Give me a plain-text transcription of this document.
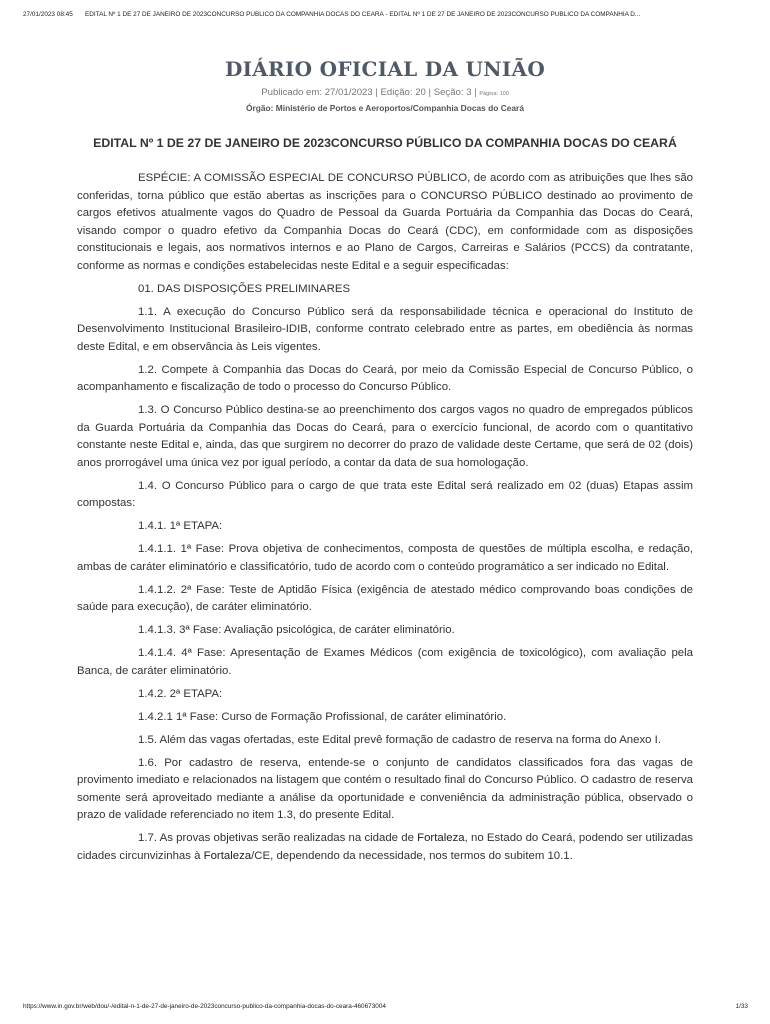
27/01/2023 08:45 EDITAL Nº 1 DE 27 DE JANEIRO DE 2023CONCURSO PÚBLICO DA COMPANHIA DOCAS DO CEARÁ - EDITAL Nº 1 DE 27 DE JANEIRO DE 2023CONCURSO PÚBLICO DA COMPANHIA D...
DIÁRIO OFICIAL DA UNIÃO
Publicado em: 27/01/2023 | Edição: 20 | Seção: 3 | Página: 100
Órgão: Ministério de Portos e Aeroportos/Companhia Docas do Ceará
EDITAL Nº 1 DE 27 DE JANEIRO DE 2023CONCURSO PÚBLICO DA COMPANHIA DOCAS DO CEARÁ

ESPÉCIE: A COMISSÃO ESPECIAL DE CONCURSO PÚBLICO, de acordo com as atribuições que lhes são conferidas, torna público que estão abertas as inscrições para o CONCURSO PÚBLICO destinado ao provimento de cargos efetivos atualmente vagos do Quadro de Pessoal da Guarda Portuária da Companhia das Docas do Ceará, visando compor o quadro efetivo da Companhia Docas do Ceará (CDC), em conformidade com as disposições constitucionais e legais, aos normativos internos e ao Plano de Cargos, Carreiras e Salários (PCCS) da contratante, conforme as normas e condições estabelecidas neste Edital e a seguir especificadas:

01. DAS DISPOSIÇÕES PRELIMINARES

1.1. A execução do Concurso Público será da responsabilidade técnica e operacional do Instituto de Desenvolvimento Institucional Brasileiro-IDIB, conforme contrato celebrado entre as partes, em obediência às normas deste Edital, e em observância às Leis vigentes.

1.2. Compete à Companhia das Docas do Ceará, por meio da Comissão Especial de Concurso Público, o acompanhamento e fiscalização de todo o processo do Concurso Público.

1.3. O Concurso Público destina-se ao preenchimento dos cargos vagos no quadro de empregados públicos da Guarda Portuária da Companhia das Docas do Ceará, para o exercício funcional, de acordo com o quantitativo constante neste Edital e, ainda, das que surgirem no decorrer do prazo de validade deste Certame, que será de 02 (dois) anos prorrogável uma única vez por igual período, a contar da data de sua homologação.

1.4. O Concurso Público para o cargo de que trata este Edital será realizado em 02 (duas) Etapas assim compostas:

1.4.1. 1ª ETAPA:

1.4.1.1. 1ª Fase: Prova objetiva de conhecimentos, composta de questões de múltipla escolha, e redação, ambas de caráter eliminatório e classificatório, tudo de acordo com o conteúdo programático a ser indicado no Edital.

1.4.1.2. 2ª Fase: Teste de Aptidão Física (exigência de atestado médico comprovando boas condições de saúde para execução), de caráter eliminatório.

1.4.1.3. 3ª Fase: Avaliação psicológica, de caráter eliminatório.

1.4.1.4. 4ª Fase: Apresentação de Exames Médicos (com exigência de toxicológico), com avaliação pela Banca, de caráter eliminatório.

1.4.2. 2ª ETAPA:

1.4.2.1 1ª Fase: Curso de Formação Profissional, de caráter eliminatório.

1.5. Além das vagas ofertadas, este Edital prevê formação de cadastro de reserva na forma do Anexo I.

1.6. Por cadastro de reserva, entende-se o conjunto de candidatos classificados fora das vagas de provimento imediato e relacionados na listagem que contém o resultado final do Concurso Público. O cadastro de reserva somente será aproveitado mediante a análise da oportunidade e conveniência da administração pública, observado o prazo de validade referenciado no item 1.3, do presente Edital.

1.7. As provas objetivas serão realizadas na cidade de Fortaleza, no Estado do Ceará, podendo ser utilizadas cidades circunvizinhas à Fortaleza/CE, dependendo da necessidade, nos termos do subitem 10.1.

https://www.in.gov.br/web/dou/-/edital-n-1-de-27-de-janeiro-de-2023concurso-publico-da-companhia-docas-do-ceara-460673004	1/33
